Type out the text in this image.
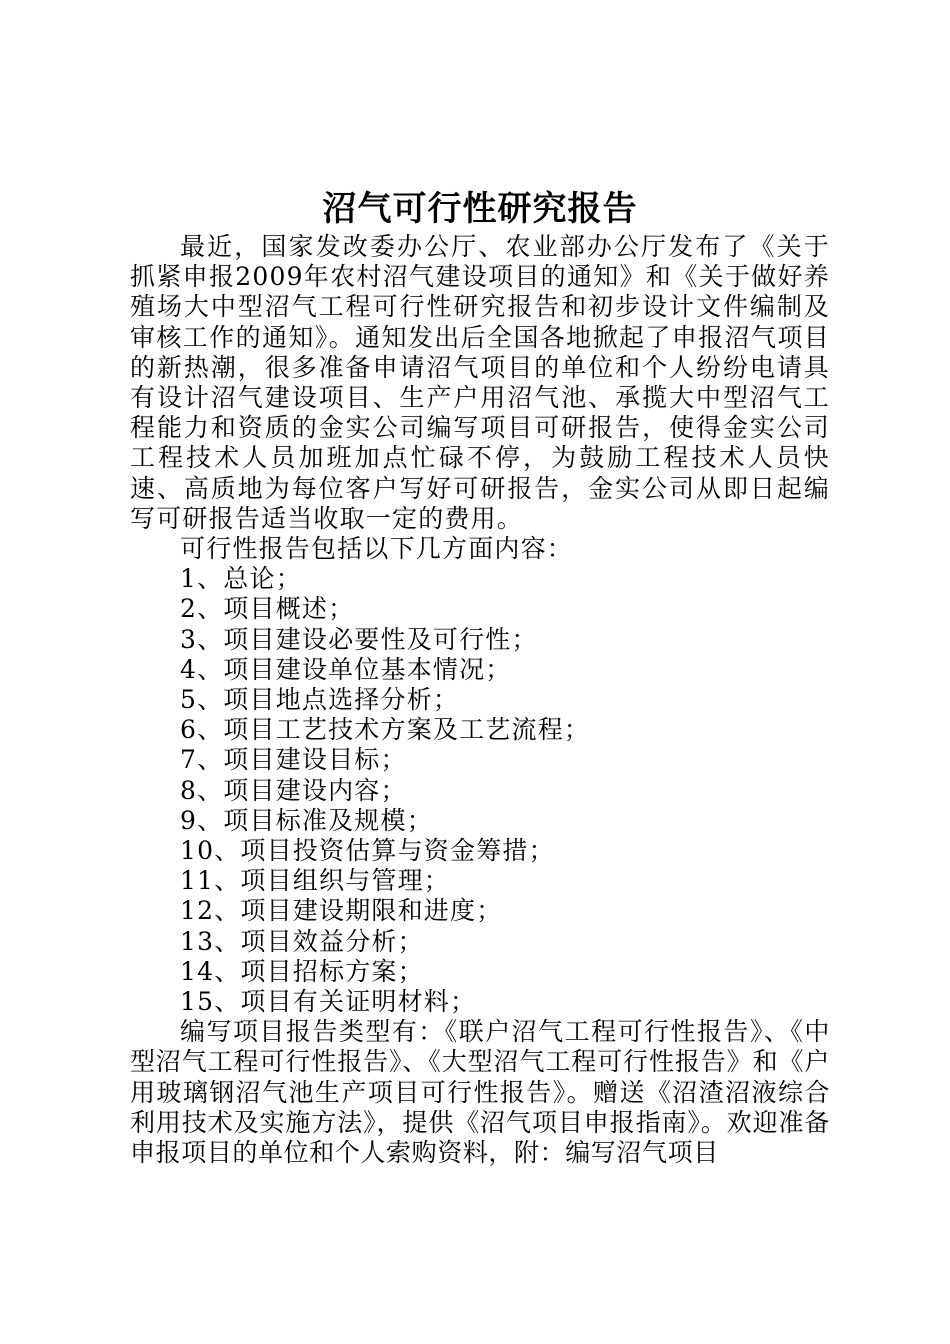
沼气可行性研究报告

最近，国家发改委办公厅、农业部办公厅发布了《关于抓紧申报2009年农村沼气建设项目的通知》和《关于做好养殖场大中型沼气工程可行性研究报告和初步设计文件编制及审核工作的通知》。通知发出后全国各地掀起了申报沼气项目的新热潮，很多准备申请沼气项目的单位和个人纷纷电请具有设计沼气建设项目、生产户用沼气池、承揽大中型沼气工程能力和资质的金实公司编写项目可研报告，使得金实公司工程技术人员加班加点忙碌不停，为鼓励工程技术人员快速、高质地为每位客户写好可研报告，金实公司从即日起编写可研报告适当收取一定的费用。

可行性报告包括以下几方面内容：

1、总论；

2、项目概述；

3、项目建设必要性及可行性；

4、项目建设单位基本情况；

5、项目地点选择分析；

6、项目工艺技术方案及工艺流程；

7、项目建设目标；

8、项目建设内容；

9、项目标准及规模；

10、项目投资估算与资金筹措；

11、项目组织与管理；

12、项目建设期限和进度；

13、项目效益分析；

14、项目招标方案；

15、项目有关证明材料；

编写项目报告类型有：《联户沼气工程可行性报告》、《中型沼气工程可行性报告》、《大型沼气工程可行性报告》和《户用玻璃钢沼气池生产项目可行性报告》。赠送《沼渣沼液综合利用技术及实施方法》，提供《沼气项目申报指南》。欢迎准备申报项目的单位和个人索购资料，附：编写沼气项目
